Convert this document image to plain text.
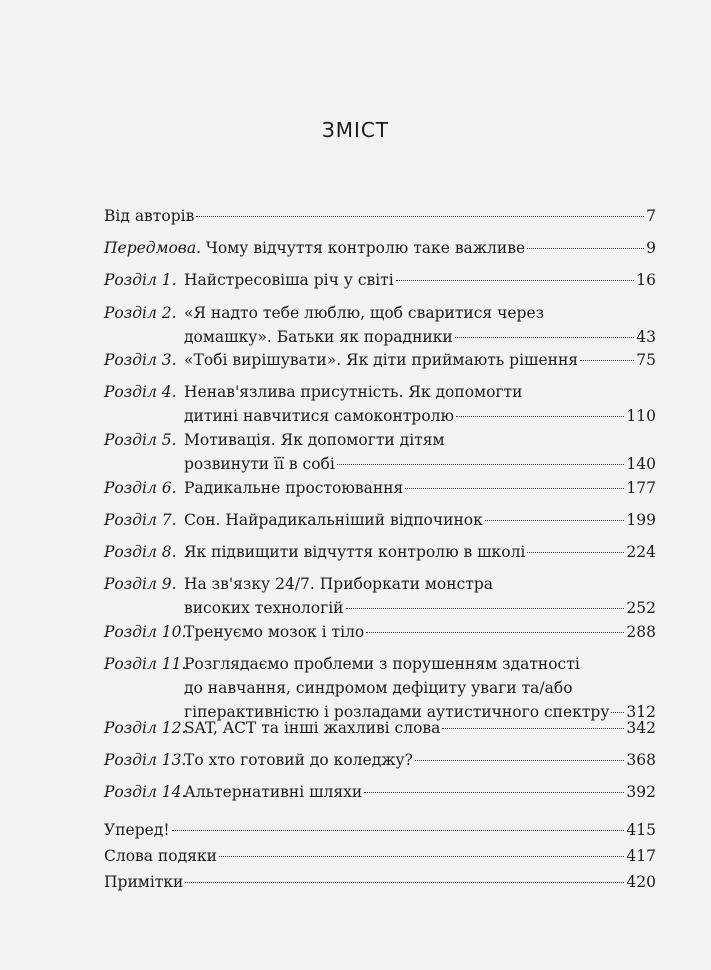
ЗМІСТ
Від авторів	7
Передмова. Чому відчуття контролю таке важливе	9
Розділ 1. Найстресовіша річ у світі	16
Розділ 2. «Я надто тебе люблю, щоб сваритися через
домашку». Батьки як порадники	43
Розділ 3. «Тобі вирішувати». Як діти приймають рішення	75
Розділ 4. Ненав'язлива присутність. Як допомогти
дитині навчитися самоконтролю	110
Розділ 5. Мотивація. Як допомогти дітям
розвинути її в собі	140
Розділ 6. Радикальне простоювання	177
Розділ 7. Сон. Найрадикальніший відпочинок	199
Розділ 8. Як підвищити відчуття контролю в школі	224
Розділ 9. На зв'язку 24/7. Приборкати монстра
високих технологій	252
Розділ 10.
Тренуємо мозок і тіло	288
Розділ 11.
Розглядаємо проблеми з порушенням здатності
до навчання, синдромом дефіциту уваги та/або
гіперактивністю і розладами аутистичного спектру 312
Розділ 12.
SAT, ACT та інші жахливі слова	342
Розділ 13.
То хто готовий до коледжу?	368
Розділ 14.
Альтернативні шляхи	392
Уперед!	415
Слова подяки	417
Примітки	420
